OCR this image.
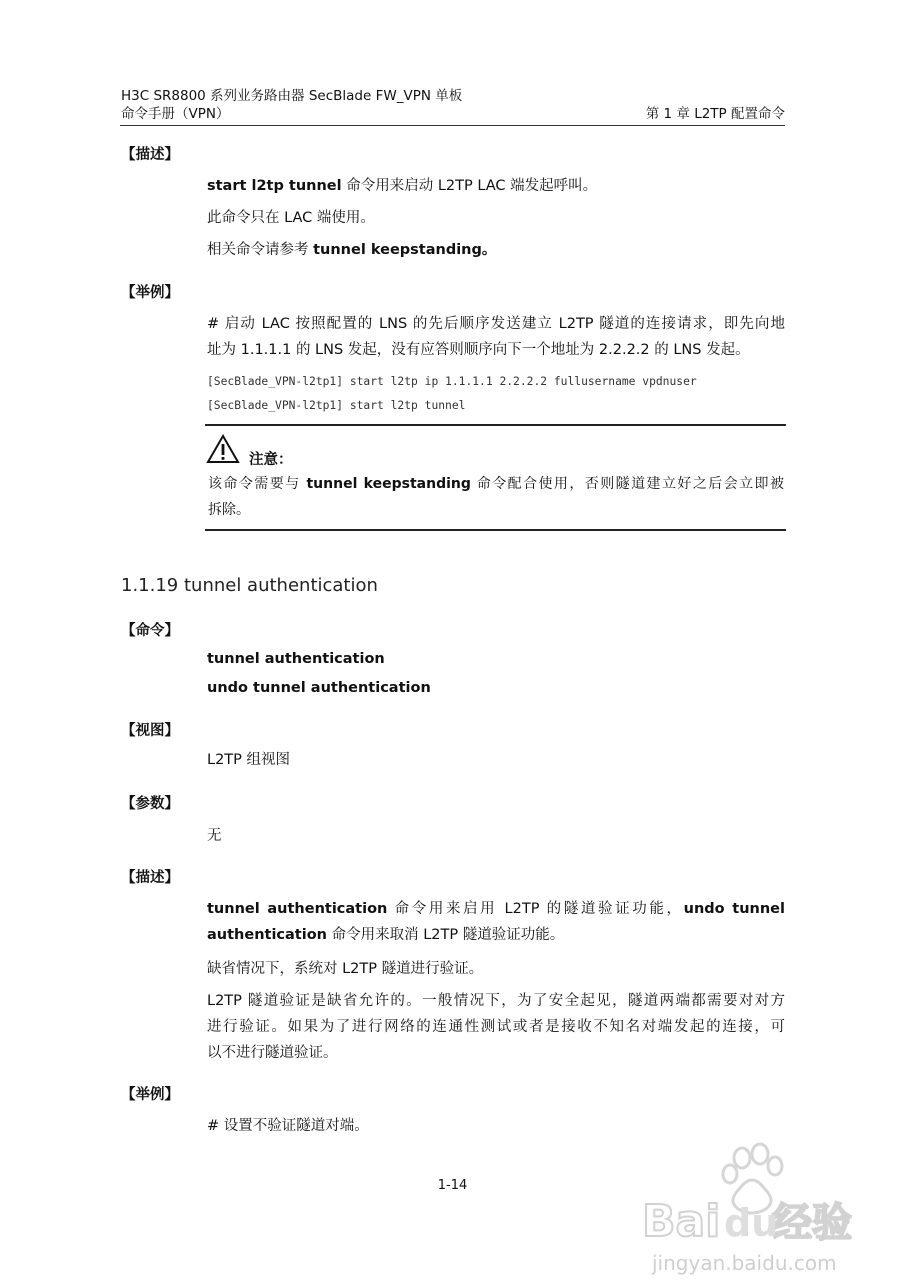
H3C SR8800 系列业务路由器 SecBlade FW_VPN 单板
命令手册（VPN）	第 1 章 L2TP 配置命令
【描述】
start l2tp tunnel 命令用来启动 L2TP LAC 端发起呼叫。
此命令只在 LAC 端使用。
相关命令请参考 tunnel keepstanding。
【举例】
# 启动 LAC 按照配置的 LNS 的先后顺序发送建立 L2TP 隧道的连接请求，即先向地
址为 1.1.1.1 的 LNS 发起，没有应答则顺序向下一个地址为 2.2.2.2 的 LNS 发起。
[SecBlade_VPN-l2tp1] start l2tp ip 1.1.1.1 2.2.2.2 fullusername vpdnuser
[SecBlade_VPN-l2tp1] start l2tp tunnel
注意：
该命令需要与 tunnel keepstanding 命令配合使用，否则隧道建立好之后会立即被
拆除。
1.1.19 tunnel authentication
【命令】
tunnel authentication
undo tunnel authentication
【视图】
L2TP 组视图
【参数】
无
【描述】
tunnel authentication 命令用来启用 L2TP 的隧道验证功能，undo tunnel
authentication 命令用来取消 L2TP 隧道验证功能。
缺省情况下，系统对 L2TP 隧道进行验证。
L2TP 隧道验证是缺省允许的。一般情况下，为了安全起见，隧道两端都需要对对方
进行验证。如果为了进行网络的连通性测试或者是接收不知名对端发起的连接，可
以不进行隧道验证。
【举例】
# 设置不验证隧道对端。
1-14
Bai 经验
du
jingyan.baidu.com
